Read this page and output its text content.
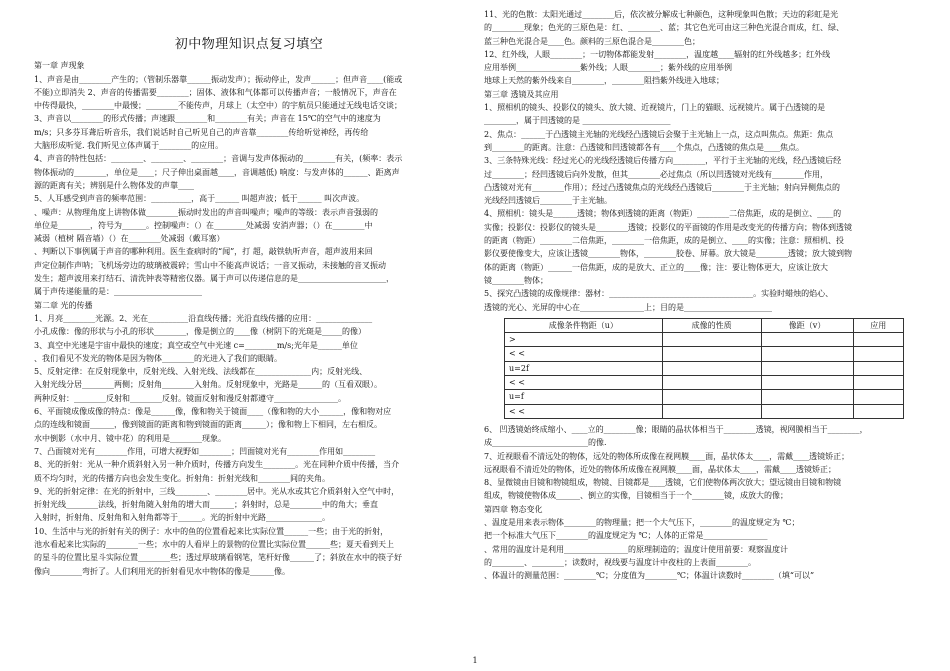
初中物理知识点复习填空
第一章 声现象
1、声音是由________产生的；（管制乐器靠______振动发声）；振动停止，发声______；但声音____(能或
不能)立即消失 2、声音的传播需要________；固体、液体和气体都可以传播声音；一般情况下，声音在
中传得最快，________中最慢；________不能传声，月球上（太空中）的宇航员只能通过无线电话交谈；
3、声音以________的形式传播；声速跟________和________有关；声音在 15℃的空气中的速度为
m/s；只多芬耳聋后听音乐，我们说话时自己听见自己的声音靠________传给听觉神经，再传给
大脑形成听觉. 我们听见立体声属于________的应用。
4、声音的特性包括：________、________、________；音调与发声体振动的________有关，(频率：表示
物体振动的________，单位是____；尺子伸出桌面越____，音调越低) 响度：与发声体的______、距离声
源的距离有关；辨别是什么物体发的声靠____
5、人耳感受到声音的频率范围：__________，高于______ 叫超声波；低于______ 叫次声波。
、噪声：从物理角度上讲物体做________振动时发出的声音叫噪声；噪声的等级：表示声音强弱的
单位是________，符号为______。控制噪声：（）在________处减弱 安消声器；（）在________中
减弱（植树 隔音墙）（）在________处减弱（戴耳塞）
、判断以下事例属于声音的哪种利用。医生查病时的“闻”，打 超，敲铁轨听声音，超声波用来回
声定位制作声呐；飞机场旁边的玻璃被震碎；雪山中不能高声说话；一音叉振动，未接触的音叉振动
发生；超声波用来打结石、清洗钟表等精密仪器。属于声可以传递信息的是______________________，
属于声传递能量的是：______________________
第二章 光的传播
1、月亮________光源。2、光在__________沿直线传播；光沿直线传播的应用：______________
小孔成像：像的形状与小孔的形状________，像是倒立的____像（树阴下的光斑是_____的像）
3、真空中光速是宇宙中最快的速度；真空或空气中光速 c=________m/s;光年是______单位
、我们看见不发光的物体是因为物体________的光进入了我们的眼睛。
5、反射定律：在反射现象中，反射光线、入射光线、法线都在______________内；反射光线、
入射光线分居________两侧；反射角________入射角。反射现象中，光路是______的（互看双眼）。
两种反射：________反射和________反射。镜面反射和漫反射都遵守________________。
6、平面镜成像成像的特点：像是______像，像和物关于镜面____（像和物的大小______，像和物对应
点的连线和镜面______，像到镜面的距离和物到镜面的距离______）；像和物上下相同，左右相反。
水中倒影（水中月、镜中花）的利用是________现象。
7、凸面镜对光有________作用，可增大视野如________；凹面镜对光有________作用如________
8、光的折射：光从一种介质斜射入另一种介质时，传播方向发生________。光在同种介质中传播，当介
质不均匀时，光的传播方向也会发生变化。折射角：折射光线和________间的夹角。
9、光的折射定律：在光的折射中，三线________、________居中。光从水或其它介质斜射入空气中时，
折射光线________法线，折射角随入射角的增大而______；斜射时，总是________中的角大；垂直
入射时，折射角、反射角和入射角都等于______。光的折射中光路______________。
10、生活中与光的折射有关的例子：水中的鱼的位置看起来比实际位置______一些；由于光的折射，
池水看起来比实际的________一些；水中的人看岸上的景物的位置比实际位置______些；夏天看到天上
的星斗的位置比星斗实际位置________些；透过厚玻璃看钢笔，笔杆好像______了；斜放在水中的筷子好
像向________弯折了。人们利用光的折射看见水中物体的像是______像。
11、光的色散：太阳光通过________后，依次被分解成七种颜色，这种现象叫色散；天边的彩虹是光
的________现象；色光的三原色是：红、________、蓝；其它色光可由这三种色光混合而成，红、绿、
蓝三种色光混合是____色。颜料的三原色混合是________色；
12、红外线，人眼________；一切物体都能发射________，温度越____辐射的红外线越多；红外线
应用举例________________紫外线；人眼________；紫外线的应用举例
地球上天然的紫外线来自________，________阻挡紫外线进入地球；
第三章 透镜及其应用
1、照相机的镜头、投影仪的镜头、放大镜、近视镜片，门上的猫眼、远视镜片。属于凸透镜的是
________，属于凹透镜的是 ______________________
2、焦点：______于凸透镜主光轴的光线经凸透镜后会聚于主光轴上一点，这点叫焦点。焦距：焦点
到________的距离。注意：凸透镜和凹透镜都各有____个焦点，凸透镜的焦点是____焦点。
3、三条特殊光线：经过光心的光线经透镜后传播方向________，平行于主光轴的光线，经凸透镜后经
过________；经凹透镜后向外发散，但其________必过焦点（所以凹透镜对光线有________作用，
凸透镜对光有________作用）；经过凸透镜焦点的光线经凸透镜后________于主光轴；射向异侧焦点的
光线经凹透镜后________于主光轴。
4、照相机：镜头是______透镜；物体到透镜的距离（物距）________二倍焦距，成的是倒立、____的
实像；投影仪：投影仪的镜头是________透镜；投影仪的平面镜的作用是改变光的传播方向；物体到透镜
的距离（物距）________二倍焦距，________一倍焦距，成的是倒立、____的实像；注意：照相机、投
影仪要使像变大，应该让透镜________物体，________胶卷、屏幕。放大镜是________透镜；放大镜到物
体的距离（物距）______一倍焦距，成的是放大、正立的____像；注：要让物体更大，应该让放大
镜________物体；
5、探究凸透镜的成像规律：器材：____________________________________。实验时蜡烛的焰心、
透镜的光心、光屏的中心在________________上；目的是______________________
成像条件物距（u）	成像的性质	像距（v）	应用
>			
< <			
u=2f			
< <			
u=f			
< <			
6、 凹透镜始终成缩小、____立的________像；眼睛的晶状体相当于________透镜，视网膜相当于________，
成________________________的像.
7、近视眼看不清远处的物体，远处的物体所成像在视网膜____面，晶状体太____，需戴____透镜矫正；
远视眼看不清近处的物体，近处的物体所成像在视网膜____面，晶状体太____，需戴____透镜矫正；
8、显微镜由目镜和物镜组成，物镜、目镜都是____透镜，它们使物体两次放大；望远镜由目镜和物镜
组成，物镜使物体成______、倒立的实像，目镜相当于一个________镜，成放大的像；
第四章 物态变化
、温度是用来表示物体________的物理量；把一个大气压下，________的温度规定为 ℃；
把一个标准大气压下________的温度规定为 ℃；人体的正常是________________
、常用的温度计是利用________________的原理制造的；温度计使用前要：观察温度计
的________、________；读数时，视线要与温度计中夜柱的上表面________。
、体温计的测量范围：________℃；分度值为________℃；体温计读数时________（填“可以”
1
